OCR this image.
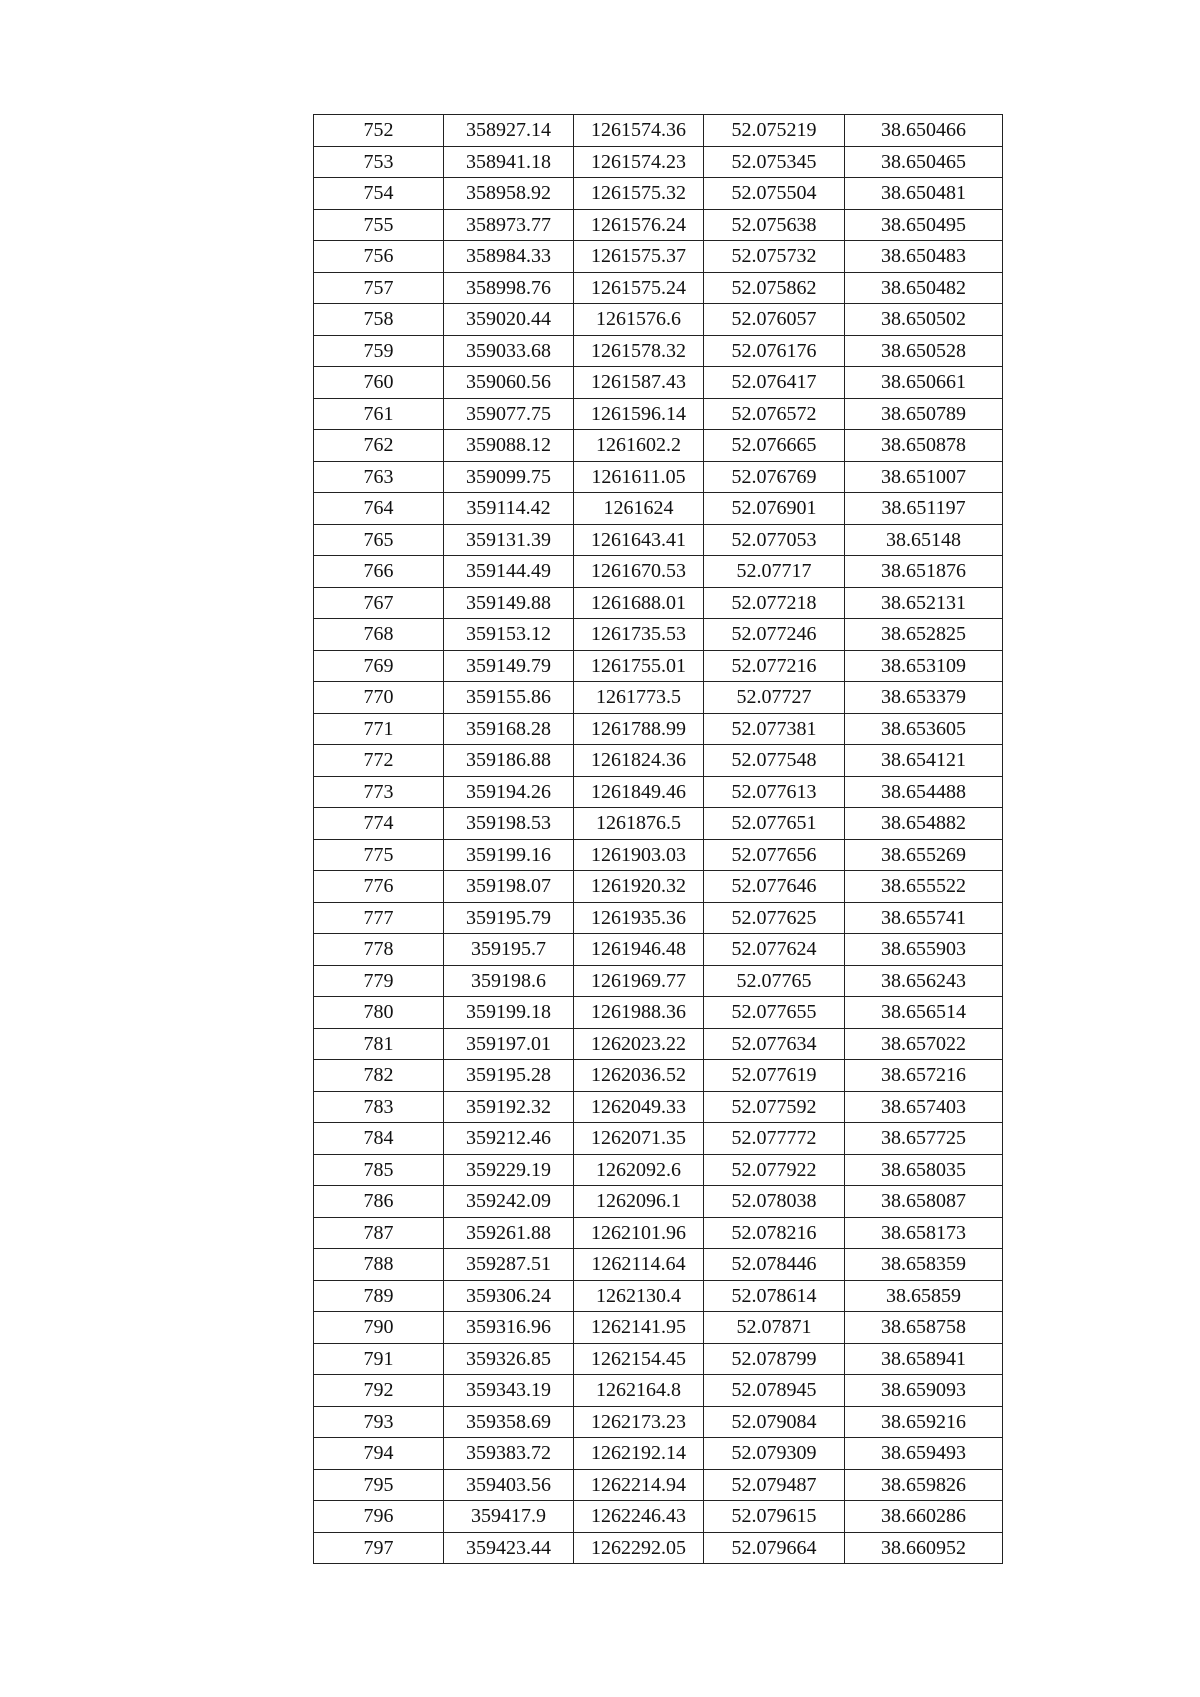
752	358927.14	1261574.36	52.075219	38.650466
753	358941.18	1261574.23	52.075345	38.650465
754	358958.92	1261575.32	52.075504	38.650481
755	358973.77	1261576.24	52.075638	38.650495
756	358984.33	1261575.37	52.075732	38.650483
757	358998.76	1261575.24	52.075862	38.650482
758	359020.44	1261576.6	52.076057	38.650502
759	359033.68	1261578.32	52.076176	38.650528
760	359060.56	1261587.43	52.076417	38.650661
761	359077.75	1261596.14	52.076572	38.650789
762	359088.12	1261602.2	52.076665	38.650878
763	359099.75	1261611.05	52.076769	38.651007
764	359114.42	1261624	52.076901	38.651197
765	359131.39	1261643.41	52.077053	38.65148
766	359144.49	1261670.53	52.07717	38.651876
767	359149.88	1261688.01	52.077218	38.652131
768	359153.12	1261735.53	52.077246	38.652825
769	359149.79	1261755.01	52.077216	38.653109
770	359155.86	1261773.5	52.07727	38.653379
771	359168.28	1261788.99	52.077381	38.653605
772	359186.88	1261824.36	52.077548	38.654121
773	359194.26	1261849.46	52.077613	38.654488
774	359198.53	1261876.5	52.077651	38.654882
775	359199.16	1261903.03	52.077656	38.655269
776	359198.07	1261920.32	52.077646	38.655522
777	359195.79	1261935.36	52.077625	38.655741
778	359195.7	1261946.48	52.077624	38.655903
779	359198.6	1261969.77	52.07765	38.656243
780	359199.18	1261988.36	52.077655	38.656514
781	359197.01	1262023.22	52.077634	38.657022
782	359195.28	1262036.52	52.077619	38.657216
783	359192.32	1262049.33	52.077592	38.657403
784	359212.46	1262071.35	52.077772	38.657725
785	359229.19	1262092.6	52.077922	38.658035
786	359242.09	1262096.1	52.078038	38.658087
787	359261.88	1262101.96	52.078216	38.658173
788	359287.51	1262114.64	52.078446	38.658359
789	359306.24	1262130.4	52.078614	38.65859
790	359316.96	1262141.95	52.07871	38.658758
791	359326.85	1262154.45	52.078799	38.658941
792	359343.19	1262164.8	52.078945	38.659093
793	359358.69	1262173.23	52.079084	38.659216
794	359383.72	1262192.14	52.079309	38.659493
795	359403.56	1262214.94	52.079487	38.659826
796	359417.9	1262246.43	52.079615	38.660286
797	359423.44	1262292.05	52.079664	38.660952
